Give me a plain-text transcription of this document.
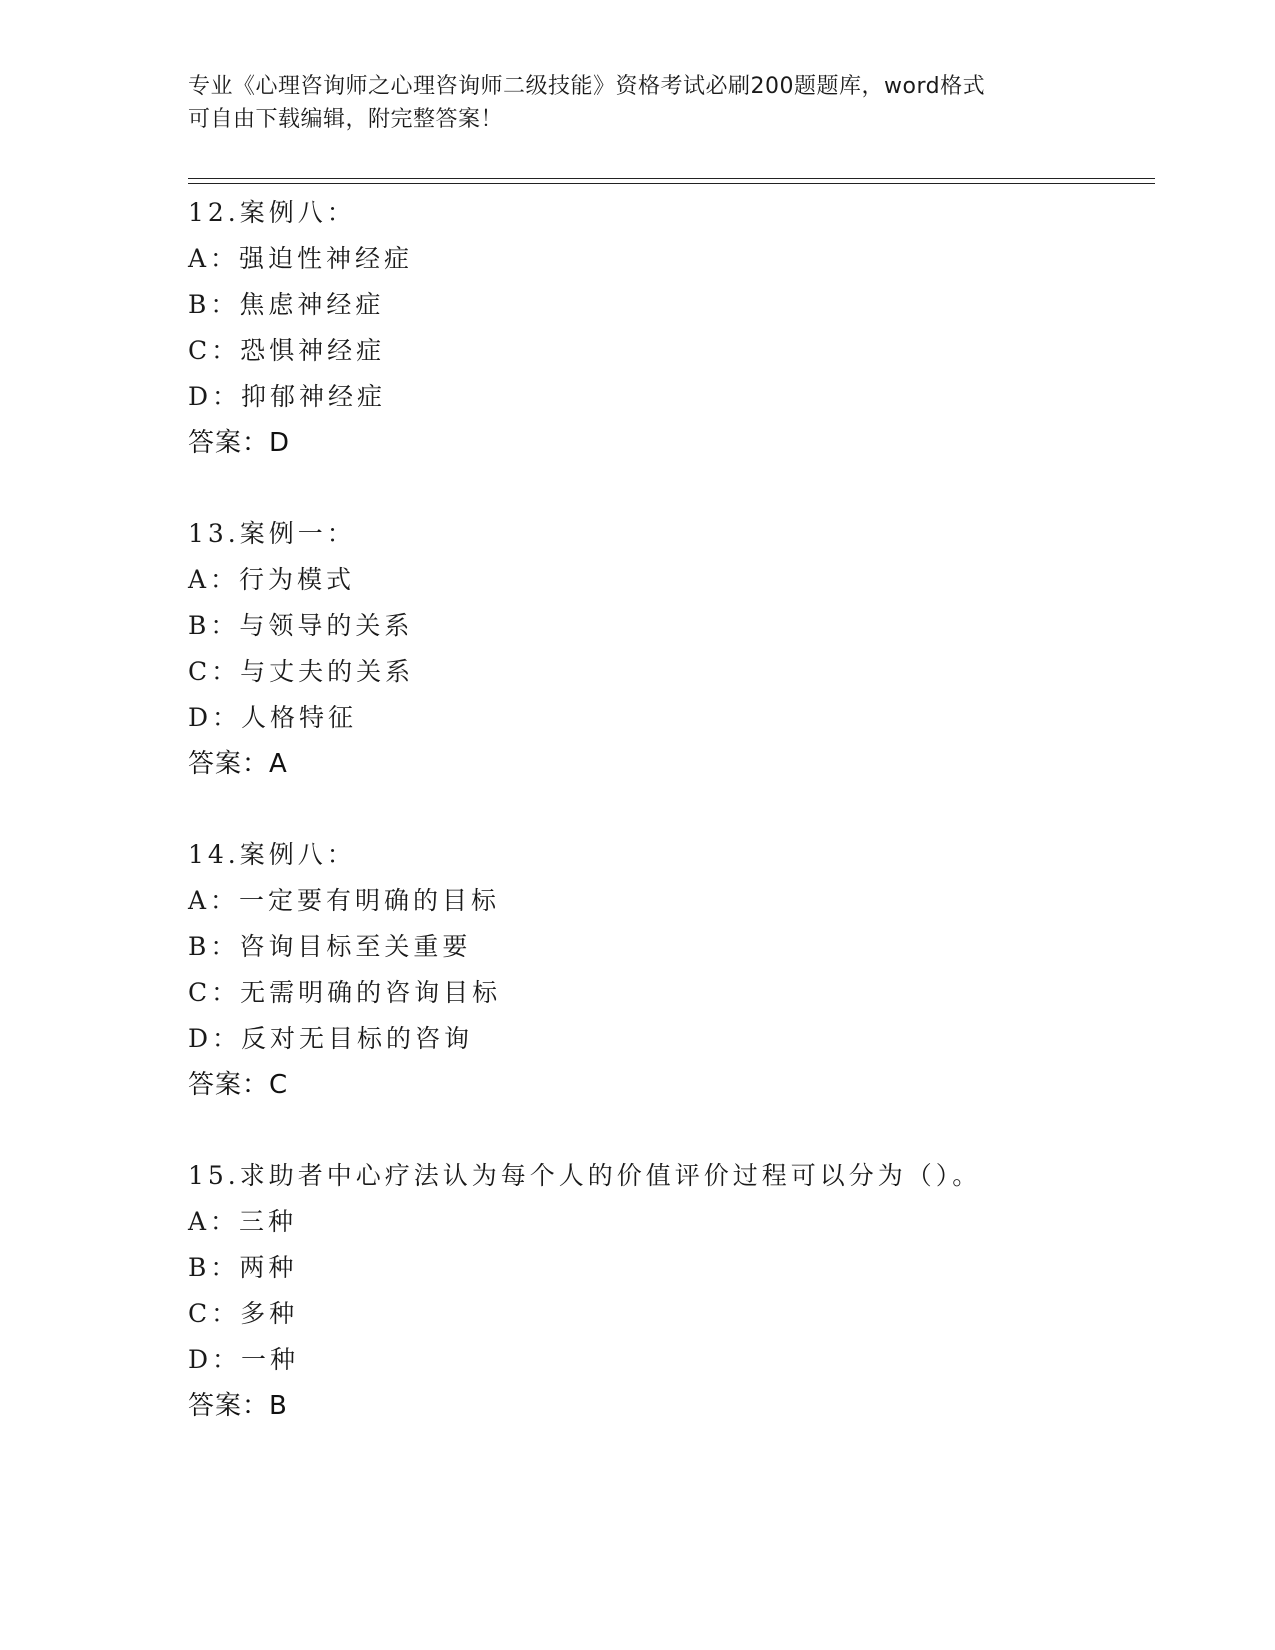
专业《心理咨询师之心理咨询师二级技能》资格考试必刷200题题库，word格式
可自由下载编辑，附完整答案！
12.案例八：
A：强迫性神经症
B：焦虑神经症
C：恐惧神经症
D：抑郁神经症
答案：D
13.案例一：
A：行为模式
B：与领导的关系
C：与丈夫的关系
D：人格特征
答案：A
14.案例八：
A：一定要有明确的目标
B：咨询目标至关重要
C：无需明确的咨询目标
D：反对无目标的咨询
答案：C
15.求助者中心疗法认为每个人的价值评价过程可以分为（）。
A：三种
B：两种
C：多种
D：一种
答案：B
